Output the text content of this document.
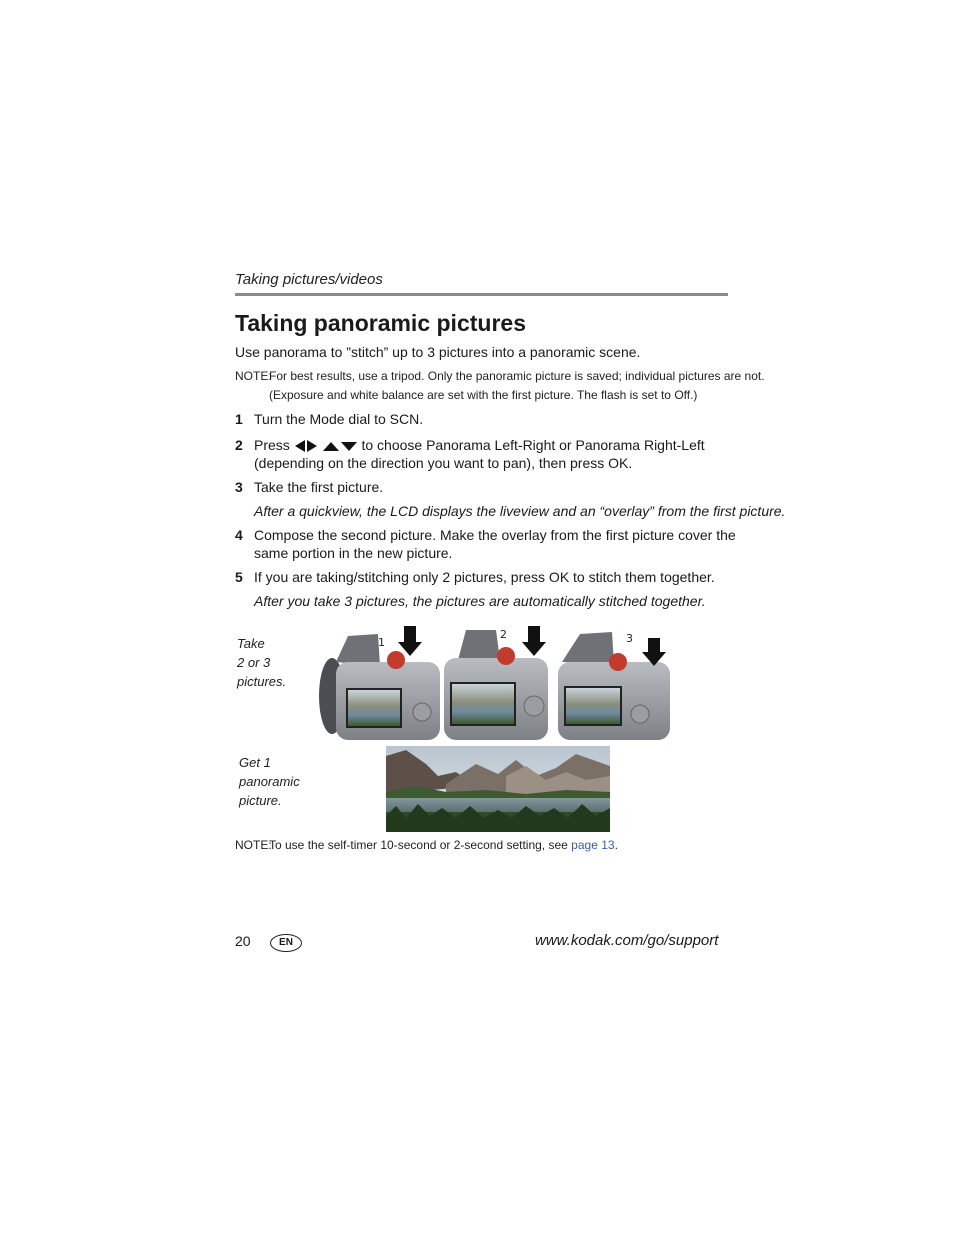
Taking pictures/videos
Taking panoramic pictures
Use panorama to ”stitch” up to 3 pictures into a panoramic scene.
NOTE:For best results, use a tripod. Only the panoramic picture is saved; individual pictures are not.
(Exposure and white balance are set with the first picture. The flash is set to Off.)
1 Turn the Mode dial to SCN.
2 Press	to choose Panorama Left-Right or Panorama Right-Left
(depending on the direction you want to pan), then press OK.
3 Take the first picture.
After a quickview, the LCD displays the liveview and an “overlay” from the first picture.
4 Compose the second picture. Make the overlay from the first picture cover the
same portion in the new picture.
5 If you are taking/stitching only 2 pictures, press OK to stitch them together.
After you take 3 pictures, the pictures are automatically stitched together.
Take
2 or 3
pictures.
Get 1
panoramic
picture.
1
2	3
NOTE:To use the self-timer 10-second or 2-second setting, see page 13.
20	EN	www.kodak.com/go/support
